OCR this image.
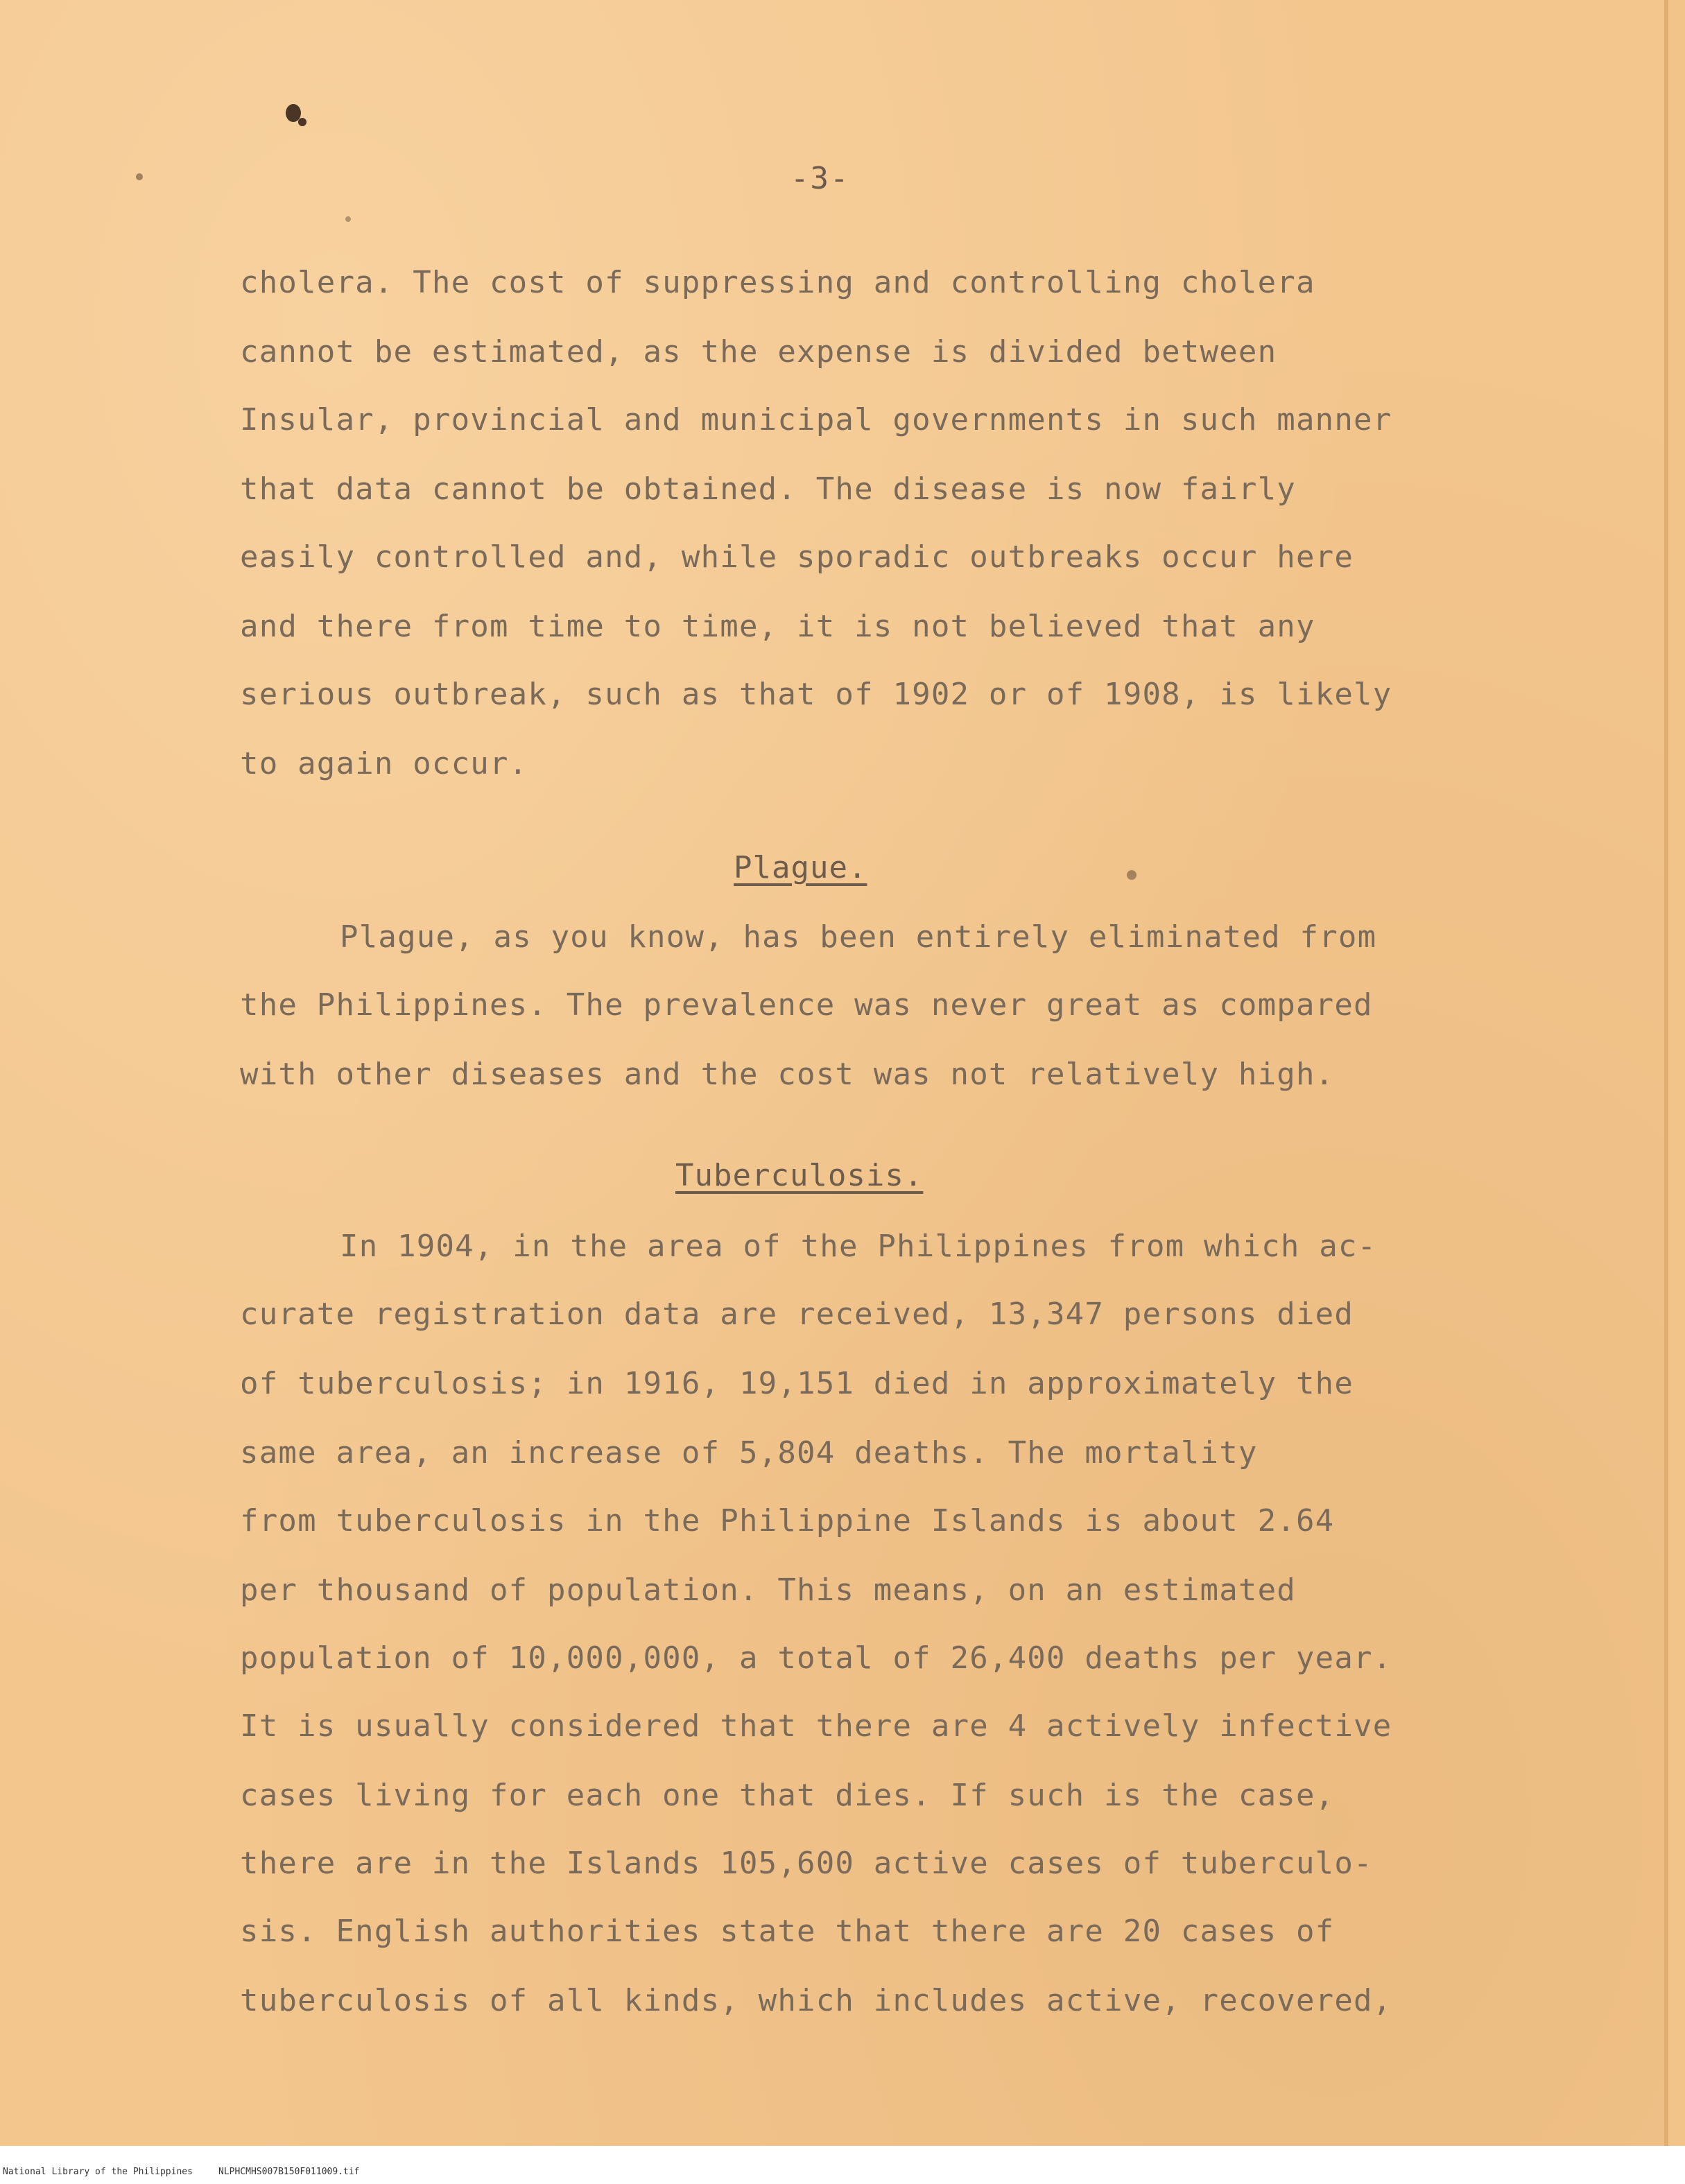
-3-
cholera. The cost of suppressing and controlling cholera
cannot be estimated, as the expense is divided between
Insular, provincial and municipal governments in such manner
that data cannot be obtained. The disease is now fairly
easily controlled and, while sporadic outbreaks occur here
and there from time to time, it is not believed that any
serious outbreak, such as that of 1902 or of 1908, is likely
to again occur.
Plague.
Plague, as you know, has been entirely eliminated from
the Philippines. The prevalence was never great as compared
with other diseases and the cost was not relatively high.
Tuberculosis.
In 1904, in the area of the Philippines from which ac-
curate registration data are received, 13,347 persons died
of tuberculosis; in 1916, 19,151 died in approximately the
same area, an increase of 5,804 deaths. The mortality
from tuberculosis in the Philippine Islands is about 2.64
per thousand of population. This means, on an estimated
population of 10,000,000, a total of 26,400 deaths per year.
It is usually considered that there are 4 actively infective
cases living for each one that dies. If such is the case,
there are in the Islands 105,600 active cases of tuberculo-
sis. English authorities state that there are 20 cases of
tuberculosis of all kinds, which includes active, recovered,
National Library of the Philippines	NLPHCMHS007B150F011009.tif
